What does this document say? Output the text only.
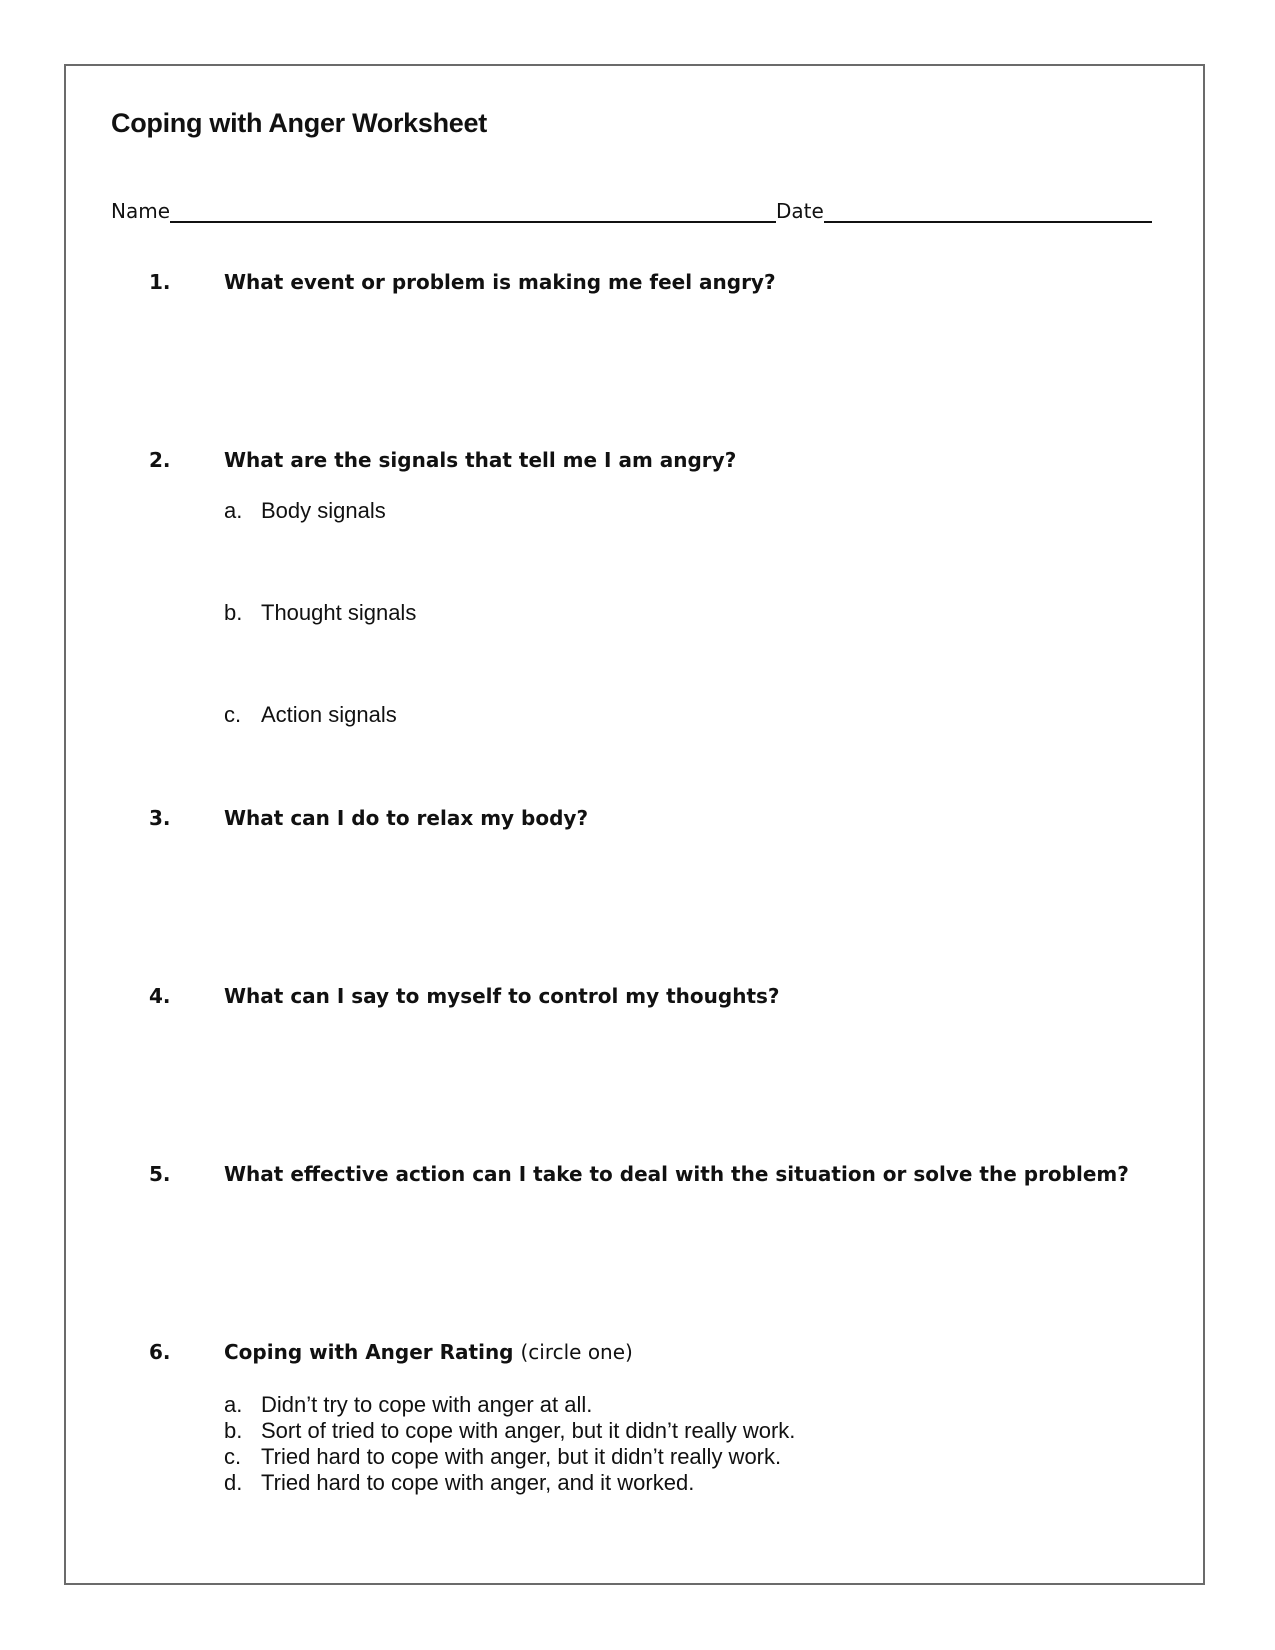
Coping with Anger Worksheet
Name	Date
1.	What event or problem is making me feel angry?
2.	What are the signals that tell me I am angry?
a. Body signals
b. Thought signals
c. Action signals
3.	What can I do to relax my body?
4.	What can I say to myself to control my thoughts?
5.	What effective action can I take to deal with the situation or solve the problem?
6.	Coping with Anger Rating (circle one)
a. Didn’t try to cope with anger at all.
b. Sort of tried to cope with anger, but it didn’t really work.
c. Tried hard to cope with anger, but it didn’t really work.
d. Tried hard to cope with anger, and it worked.
